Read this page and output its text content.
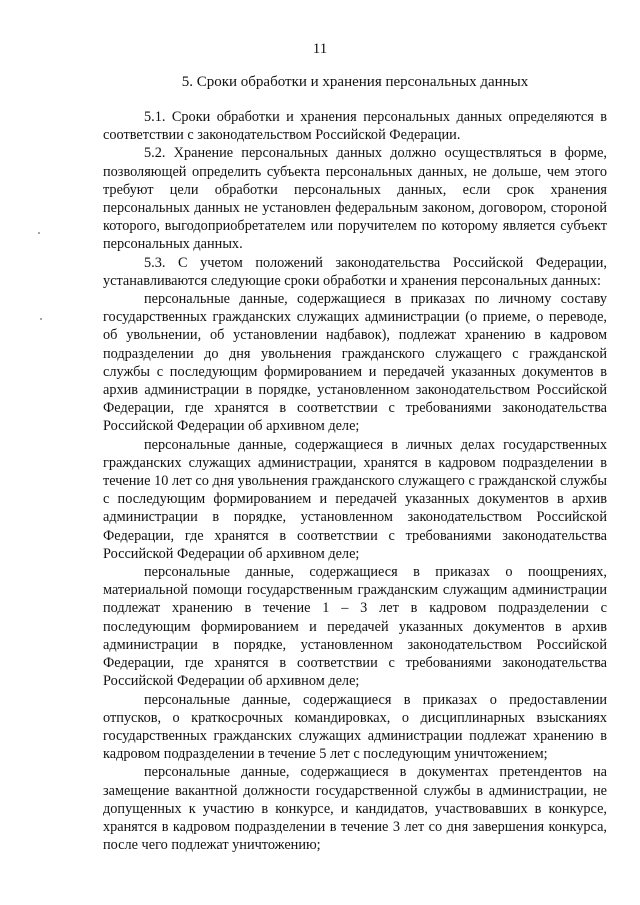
11
5. Сроки обработки и хранения персональных данных

5.1. Сроки обработки и хранения персональных данных определяются в соответствии с законодательством Российской Федерации.

5.2. Хранение персональных данных должно осуществляться в форме, позволяющей определить субъекта персональных данных, не дольше, чем этого требуют цели обработки персональных данных, если срок хранения персональных данных не установлен федеральным законом, договором, стороной которого, выгодоприобретателем или поручителем по которому является субъект персональных данных.

5.3. С учетом положений законодательства Российской Федерации, устанавливаются следующие сроки обработки и хранения персональных данных:

персональные данные, содержащиеся в приказах по личному составу государственных гражданских служащих администрации (о приеме, о переводе, об увольнении, об установлении надбавок), подлежат хранению в кадровом подразделении до дня увольнения гражданского служащего с гражданской службы с последующим формированием и передачей указанных документов в архив администрации в порядке, установленном законодательством Российской Федерации, где хранятся в соответствии с требованиями законодательства Российской Федерации об архивном деле;

персональные данные, содержащиеся в личных делах государственных гражданских служащих администрации, хранятся в кадровом подразделении в течение 10 лет со дня увольнения гражданского служащего с гражданской службы с последующим формированием и передачей указанных документов в архив администрации в порядке, установленном законодательством Российской Федерации, где хранятся в соответствии с требованиями законодательства Российской Федерации об архивном деле;

персональные данные, содержащиеся в приказах о поощрениях, материальной помощи государственным гражданским служащим администрации подлежат хранению в течение 1 – 3 лет в кадровом подразделении с последующим формированием и передачей указанных документов в архив администрации в порядке, установленном законодательством Российской Федерации, где хранятся в соответствии с требованиями законодательства Российской Федерации об архивном деле;

персональные данные, содержащиеся в приказах о предоставлении отпусков, о краткосрочных командировках, о дисциплинарных взысканиях государственных гражданских служащих администрации подлежат хранению в кадровом подразделении в течение 5 лет с последующим уничтожением;

персональные данные, содержащиеся в документах претендентов на замещение вакантной должности государственной службы в администрации, не допущенных к участию в конкурсе, и кандидатов, участвовавших в конкурсе, хранятся в кадровом подразделении в течение 3 лет со дня завершения конкурса, после чего подлежат уничтожению;
